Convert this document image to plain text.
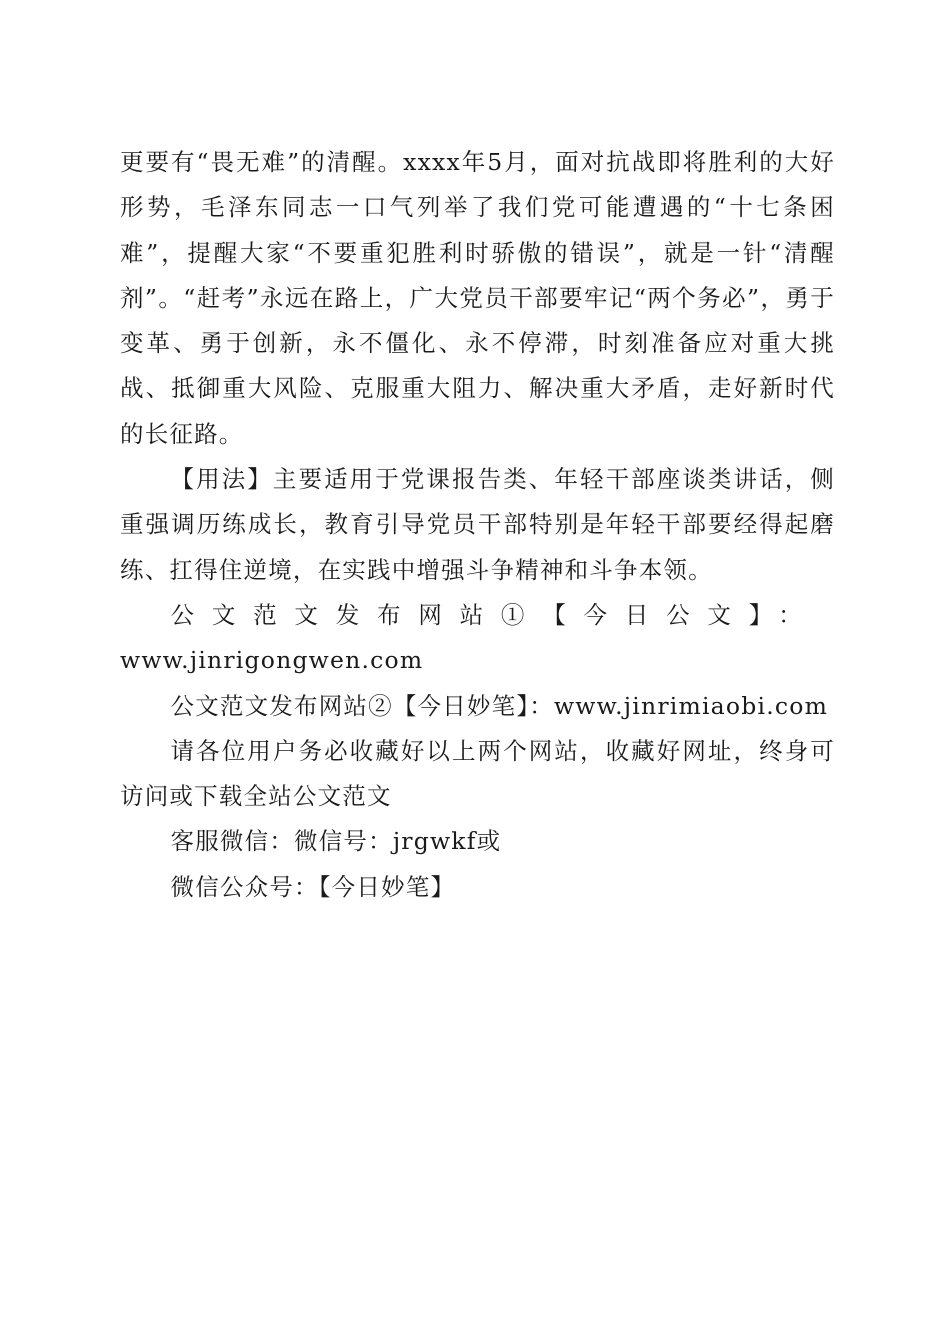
更要有“畏无难”的清醒。xxxx年5月，面对抗战即将胜利的大好形势，毛泽东同志一口气列举了我们党可能遭遇的“十七条困难”，提醒大家“不要重犯胜利时骄傲的错误”，就是一针“清醒剂”。“赶考”永远在路上，广大党员干部要牢记“两个务必”，勇于变革、勇于创新，永不僵化、永不停滞，时刻准备应对重大挑战、抵御重大风险、克服重大阻力、解决重大矛盾，走好新时代的长征路。

【用法】主要适用于党课报告类、年轻干部座谈类讲话，侧重强调历练成长，教育引导党员干部特别是年轻干部要经得起磨练、扛得住逆境，在实践中增强斗争精神和斗争本领。

公文范文发布网站①【今日公文】：

www.jinrigongwen.com

公文范文发布网站②【今日妙笔】：www.jinrimiaobi.com

请各位用户务必收藏好以上两个网站，收藏好网址，终身可访问或下载全站公文范文

客服微信：微信号：jrgwkf或

微信公众号：【今日妙笔】
